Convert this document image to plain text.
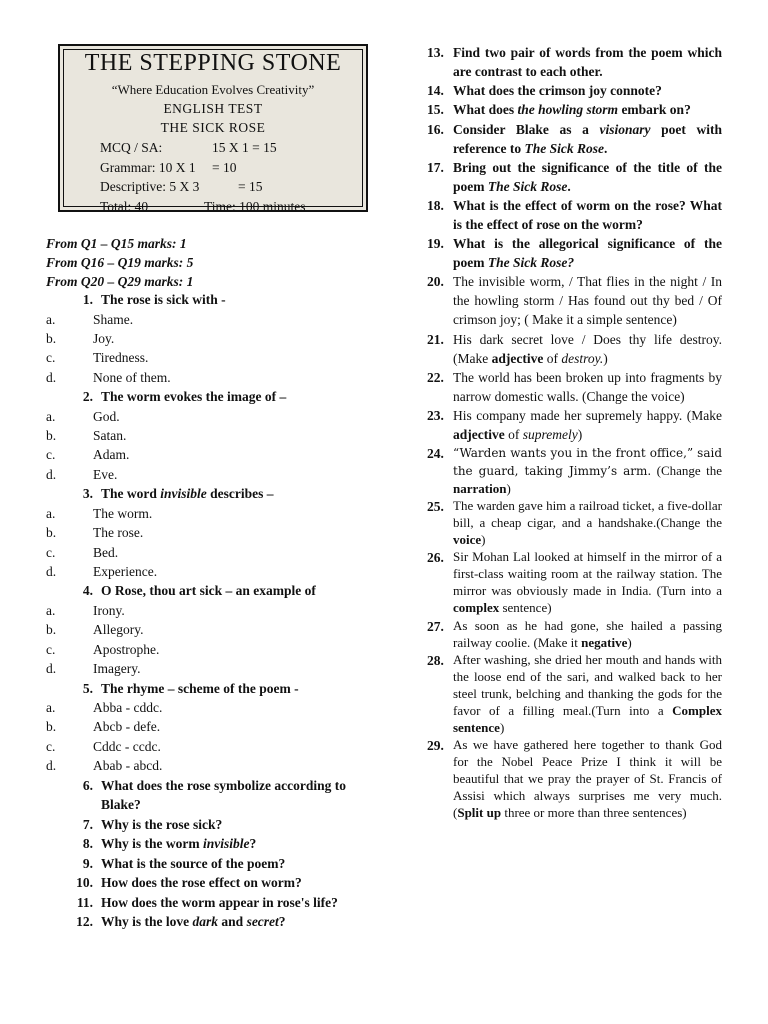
THE STEPPING STONE
“Where Education Evolves Creativity”
ENGLISH TEST
THE SICK ROSE
MCQ / SA:	15 X 1 = 15
Grammar: 10 X 1	= 10
Descriptive: 5 X 3	= 15
Total: 40	Time: 100 minutes
From Q1 – Q15 marks: 1
From Q16 – Q19 marks: 5
From Q20 – Q29 marks: 1
1. The rose is sick with -
a.	Shame.
b.	Joy.
c.	Tiredness.
d.	None of them.
2. The worm evokes the image of –
a.	God.
b.	Satan.
c.	Adam.
d.	Eve.
3. The word invisible describes –
a.	The worm.
b.	The rose.
c.	Bed.
d.	Experience.
4. O Rose, thou art sick – an example of
a.	Irony.
b.	Allegory.
c.	Apostrophe.
d.	Imagery.
5. The rhyme – scheme of the poem -
a.	Abba - cddc.
b.	Abcb - defe.
c.	Cddc - ccdc.
d.	Abab - abcd.
6. What does the rose symbolize according to Blake?
7. Why is the rose sick?
8. Why is the worm invisible?
9. What is the source of the poem?
10. How does the rose effect on worm?
11. How does the worm appear in rose's life?
12. Why is the love dark and secret?
13. Find two pair of words from the poem which are contrast to each other.
14. What does the crimson joy connote?
15. What does the howling storm embark on?
16. Consider Blake as a visionary poet with reference to The Sick Rose.
17. Bring out the significance of the title of the poem The Sick Rose.
18. What is the effect of worm on the rose? What is the effect of rose on the worm?
19. What is the allegorical significance of the poem The Sick Rose?
20. The invisible worm, / That flies in the night / In the howling storm / Has found out thy bed / Of crimson joy; ( Make it a simple sentence)
21. His dark secret love / Does thy life destroy. (Make adjective of destroy.)
22. The world has been broken up into fragments by narrow domestic walls. (Change the voice)
23. His company made her supremely happy. (Make adjective of supremely)
24. “Warden wants you in the front office,” said the guard, taking Jimmy’s arm. (Change the narration)
25. The warden gave him a railroad ticket, a five-dollar bill, a cheap cigar, and a handshake.(Change the voice)
26. Sir Mohan Lal looked at himself in the mirror of a first-class waiting room at the railway station. The mirror was obviously made in India. (Turn into a complex sentence)
27. As soon as he had gone, she hailed a passing railway coolie. (Make it negative)
28. After washing, she dried her mouth and hands with the loose end of the sari, and walked back to her steel trunk, belching and thanking the gods for the favor of a filling meal.(Turn into a Complex sentence)
29. As we have gathered here together to thank God for the Nobel Peace Prize I think it will be beautiful that we pray the prayer of St. Francis of Assisi which always surprises me very much. (Split up three or more than three sentences)
